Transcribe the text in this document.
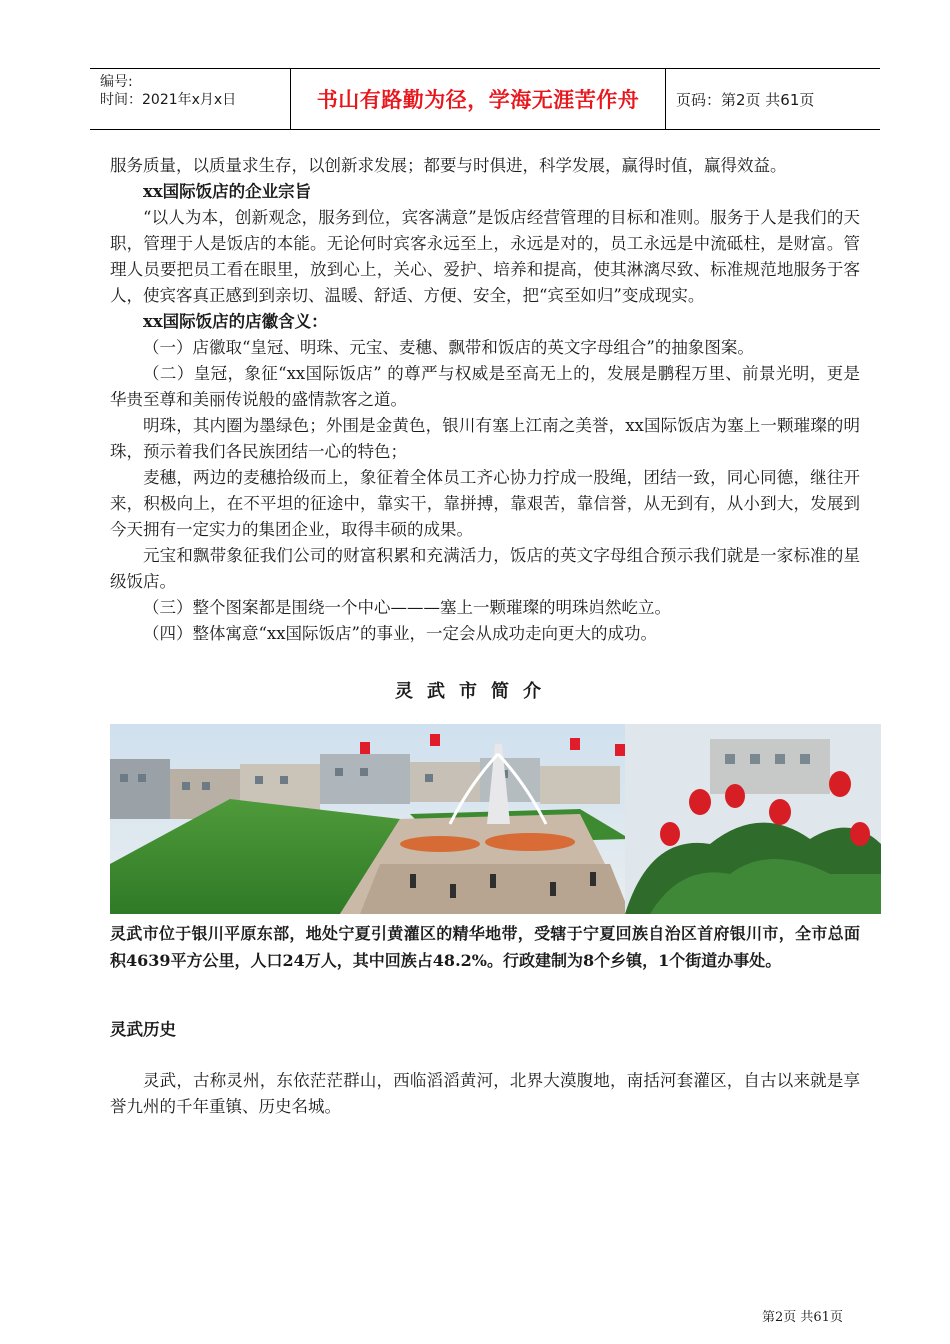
编号:
时间：2021年x月x日	书山有路勤为径，学海无涯苦作舟	页码：第2页 共61页

服务质量，以质量求生存，以创新求发展；都要与时俱进，科学发展，赢得时值，赢得效益。

xx国际饭店的企业宗旨

“以人为本，创新观念，服务到位，宾客满意”是饭店经营管理的目标和准则。服务于人是我们的天职，管理于人是饭店的本能。无论何时宾客永远至上，永远是对的，员工永远是中流砥柱，是财富。管理人员要把员工看在眼里，放到心上，关心、爱护、培养和提高，使其淋漓尽致、标准规范地服务于客人，使宾客真正感到到亲切、温暖、舒适、方便、安全，把“宾至如归”变成现实。

xx国际饭店的店徽含义：

（一）店徽取“皇冠、明珠、元宝、麦穗、飘带和饭店的英文字母组合”的抽象图案。

（二）皇冠，象征“xx国际饭店” 的尊严与权威是至高无上的，发展是鹏程万里、前景光明，更是华贵至尊和美丽传说般的盛情款客之道。

明珠，其内圈为墨绿色；外围是金黄色，银川有塞上江南之美誉，xx国际饭店为塞上一颗璀璨的明珠，预示着我们各民族团结一心的特色；

麦穗，两边的麦穗拾级而上，象征着全体员工齐心协力拧成一股绳，团结一致，同心同德，继往开来，积极向上，在不平坦的征途中，靠实干，靠拼搏，靠艰苦，靠信誉，从无到有，从小到大，发展到今天拥有一定实力的集团企业，取得丰硕的成果。

元宝和飘带象征我们公司的财富积累和充满活力，饭店的英文字母组合预示我们就是一家标准的星级饭店。

（三）整个图案都是围绕一个中心———塞上一颗璀璨的明珠岿然屹立。

（四）整体寓意“xx国际饭店”的事业，一定会从成功走向更大的成功。

灵武市简介

灵武市位于银川平原东部，地处宁夏引黄灌区的精华地带，受辖于宁夏回族自治区首府银川市，全市总面积4639平方公里，人口24万人，其中回族占48.2%。行政建制为8个乡镇，1个街道办事处。

灵武历史

灵武，古称灵州，东依茫茫群山，西临滔滔黄河，北界大漠腹地，南括河套灌区，自古以来就是享誉九州的千年重镇、历史名城。

第2页 共61页
